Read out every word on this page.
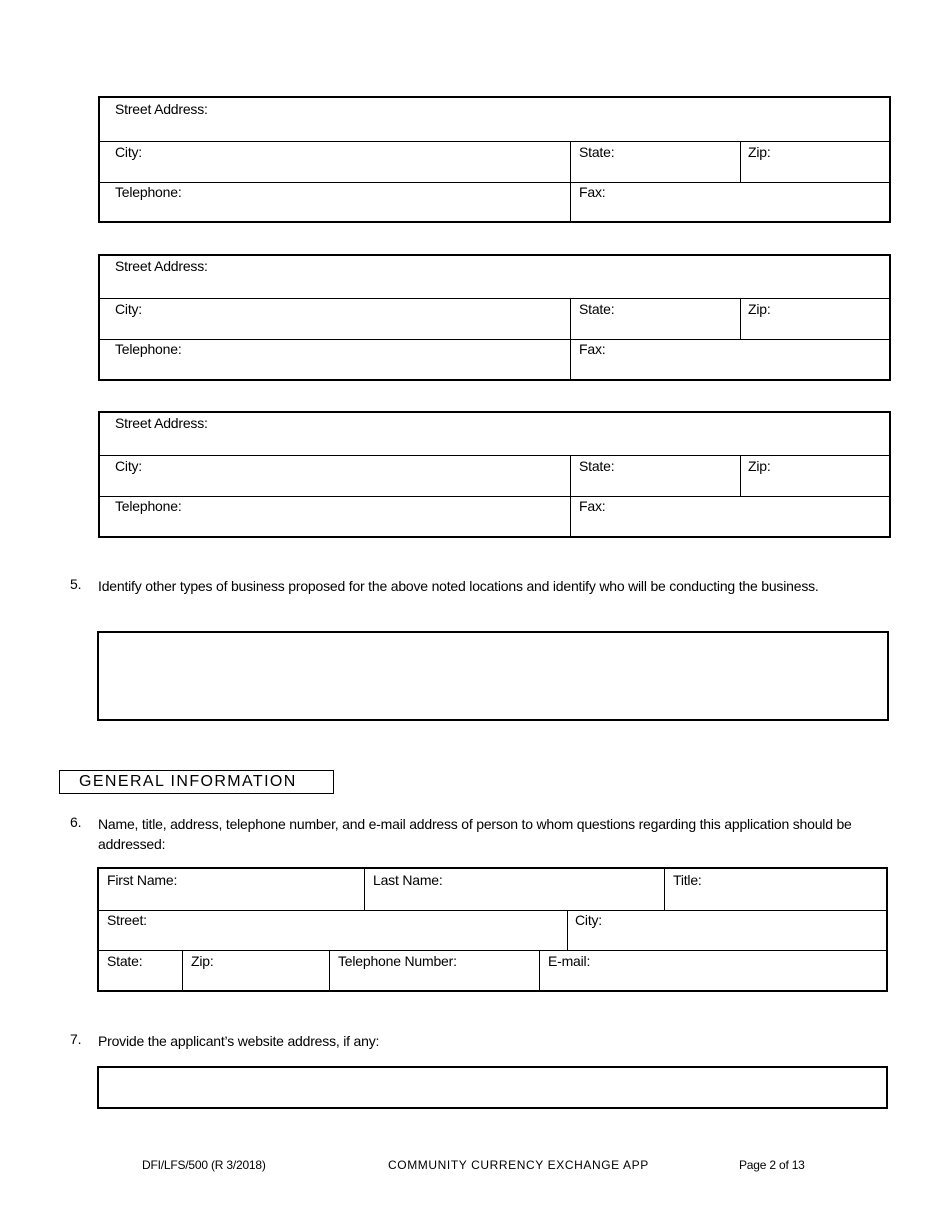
Street Address:
City:	State:	Zip:
Telephone:	Fax:
Street Address:
City:	State:	Zip:
Telephone:	Fax:
Street Address:
City:	State:	Zip:
Telephone:	Fax:
5. Identify other types of business proposed for the above noted locations and identify who will be conducting the business.
GENERAL INFORMATION
6. Name, title, address, telephone number, and e-mail address of person to whom questions regarding this application should be addressed:
First Name:	Last Name:	Title:
Street:	City:
State:	Zip:	Telephone Number:	E-mail:
7. Provide the applicant’s website address, if any:
DFI/LFS/500 (R 3/2018)	COMMUNITY CURRENCY EXCHANGE APP	Page 2 of 13
